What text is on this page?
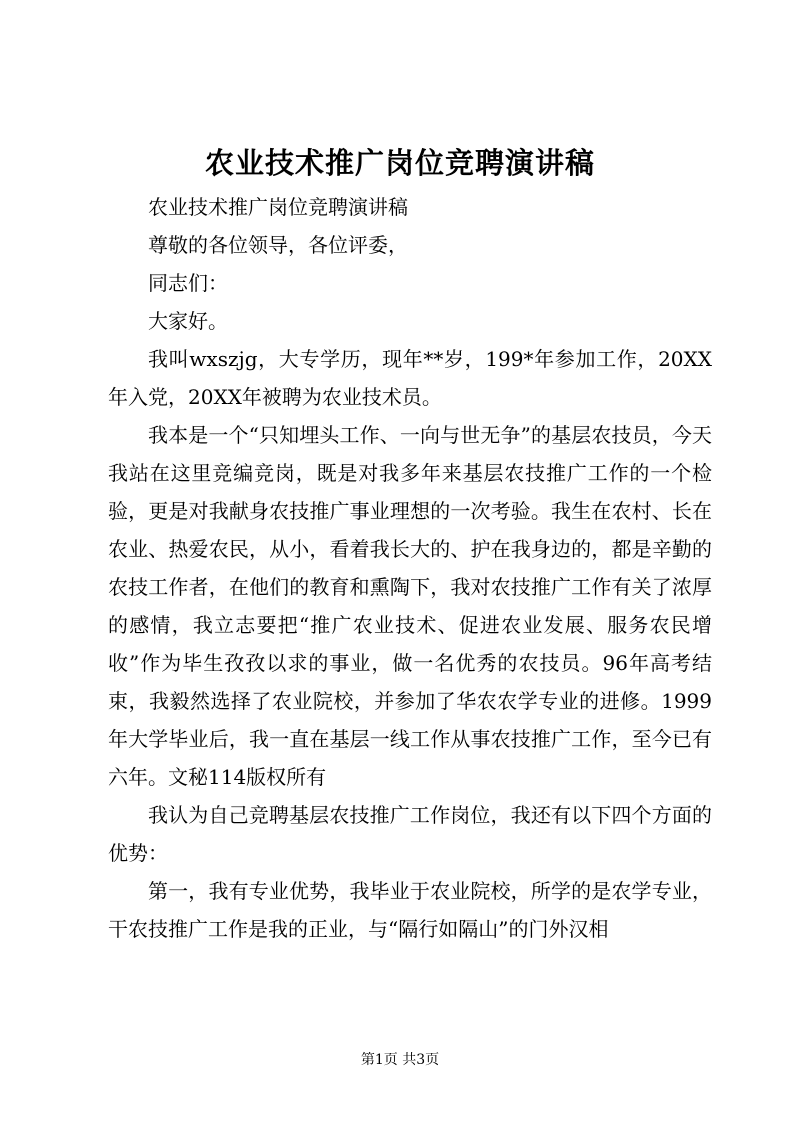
农业技术推广岗位竞聘演讲稿

农业技术推广岗位竞聘演讲稿

尊敬的各位领导，各位评委，

同志们：

大家好。

我叫wxszjg，大专学历，现年**岁，199*年参加工作，20XX年入党，20XX年被聘为农业技术员。

我本是一个“只知埋头工作、一向与世无争”的基层农技员，今天我站在这里竞编竞岗，既是对我多年来基层农技推广工作的一个检验，更是对我献身农技推广事业理想的一次考验。我生在农村、长在农业、热爱农民，从小，看着我长大的、护在我身边的，都是辛勤的农技工作者，在他们的教育和熏陶下，我对农技推广工作有关了浓厚的感情，我立志要把“推广农业技术、促进农业发展、服务农民增收”作为毕生孜孜以求的事业，做一名优秀的农技员。96年高考结束，我毅然选择了农业院校，并参加了华农农学专业的进修。1999年大学毕业后，我一直在基层一线工作从事农技推广工作，至今已有六年。文秘114版权所有

我认为自己竞聘基层农技推广工作岗位，我还有以下四个方面的优势：

第一，我有专业优势，我毕业于农业院校，所学的是农学专业，干农技推广工作是我的正业，与“隔行如隔山”的门外汉相

第1页 共3页
